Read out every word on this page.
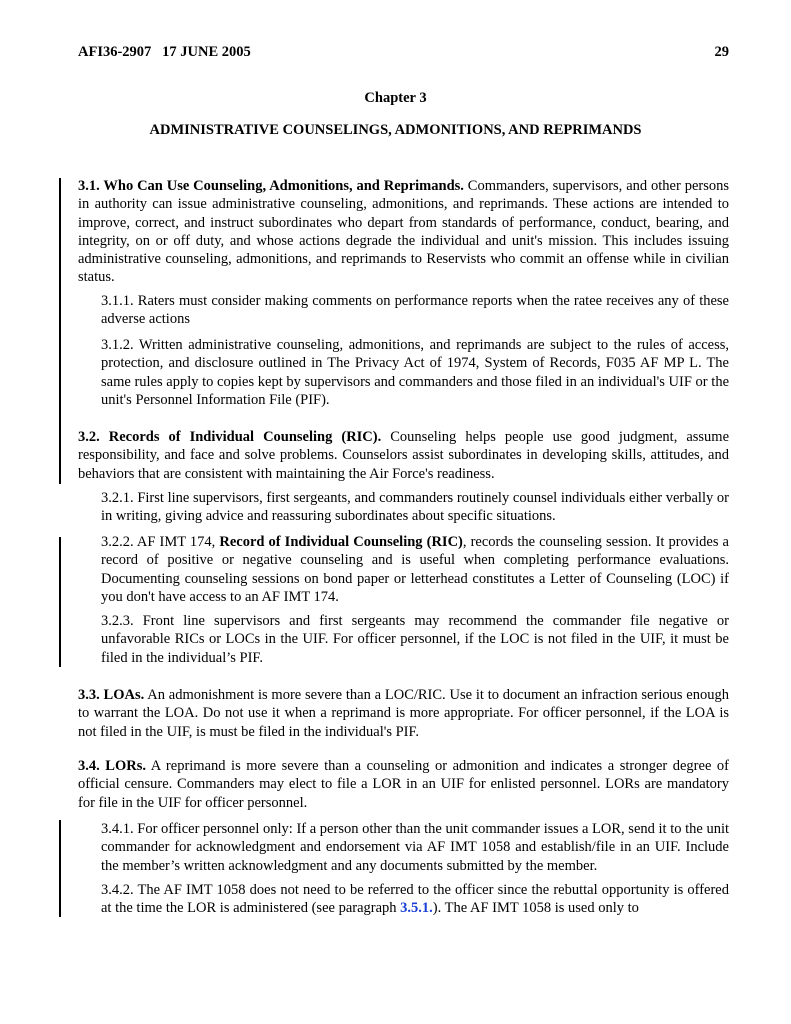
AFI36-2907   17 JUNE 2005	29
Chapter 3
ADMINISTRATIVE COUNSELINGS, ADMONITIONS, AND REPRIMANDS
3.1. Who Can Use Counseling, Admonitions, and Reprimands. Commanders, supervisors, and other persons in authority can issue administrative counseling, admonitions, and reprimands. These actions are intended to improve, correct, and instruct subordinates who depart from standards of performance, conduct, bearing, and integrity, on or off duty, and whose actions degrade the individual and unit's mission. This includes issuing administrative counseling, admonitions, and reprimands to Reservists who commit an offense while in civilian status.
3.1.1. Raters must consider making comments on performance reports when the ratee receives any of these adverse actions
3.1.2. Written administrative counseling, admonitions, and reprimands are subject to the rules of access, protection, and disclosure outlined in The Privacy Act of 1974, System of Records, F035 AF MP L. The same rules apply to copies kept by supervisors and commanders and those filed in an individual's UIF or the unit's Personnel Information File (PIF).
3.2. Records of Individual Counseling (RIC). Counseling helps people use good judgment, assume responsibility, and face and solve problems. Counselors assist subordinates in developing skills, attitudes, and behaviors that are consistent with maintaining the Air Force's readiness.
3.2.1. First line supervisors, first sergeants, and commanders routinely counsel individuals either verbally or in writing, giving advice and reassuring subordinates about specific situations.
3.2.2. AF IMT 174, Record of Individual Counseling (RIC), records the counseling session. It provides a record of positive or negative counseling and is useful when completing performance evaluations. Documenting counseling sessions on bond paper or letterhead constitutes a Letter of Counseling (LOC) if you don't have access to an AF IMT 174.
3.2.3. Front line supervisors and first sergeants may recommend the commander file negative or unfavorable RICs or LOCs in the UIF. For officer personnel, if the LOC is not filed in the UIF, it must be filed in the individual’s PIF.
3.3. LOAs. An admonishment is more severe than a LOC/RIC. Use it to document an infraction serious enough to warrant the LOA. Do not use it when a reprimand is more appropriate. For officer personnel, if the LOA is not filed in the UIF, is must be filed in the individual's PIF.
3.4. LORs. A reprimand is more severe than a counseling or admonition and indicates a stronger degree of official censure. Commanders may elect to file a LOR in an UIF for enlisted personnel. LORs are mandatory for file in the UIF for officer personnel.
3.4.1. For officer personnel only: If a person other than the unit commander issues a LOR, send it to the unit commander for acknowledgment and endorsement via AF IMT 1058 and establish/file in an UIF. Include the member’s written acknowledgment and any documents submitted by the member.
3.4.2. The AF IMT 1058 does not need to be referred to the officer since the rebuttal opportunity is offered at the time the LOR is administered (see paragraph 3.5.1.). The AF IMT 1058 is used only to
